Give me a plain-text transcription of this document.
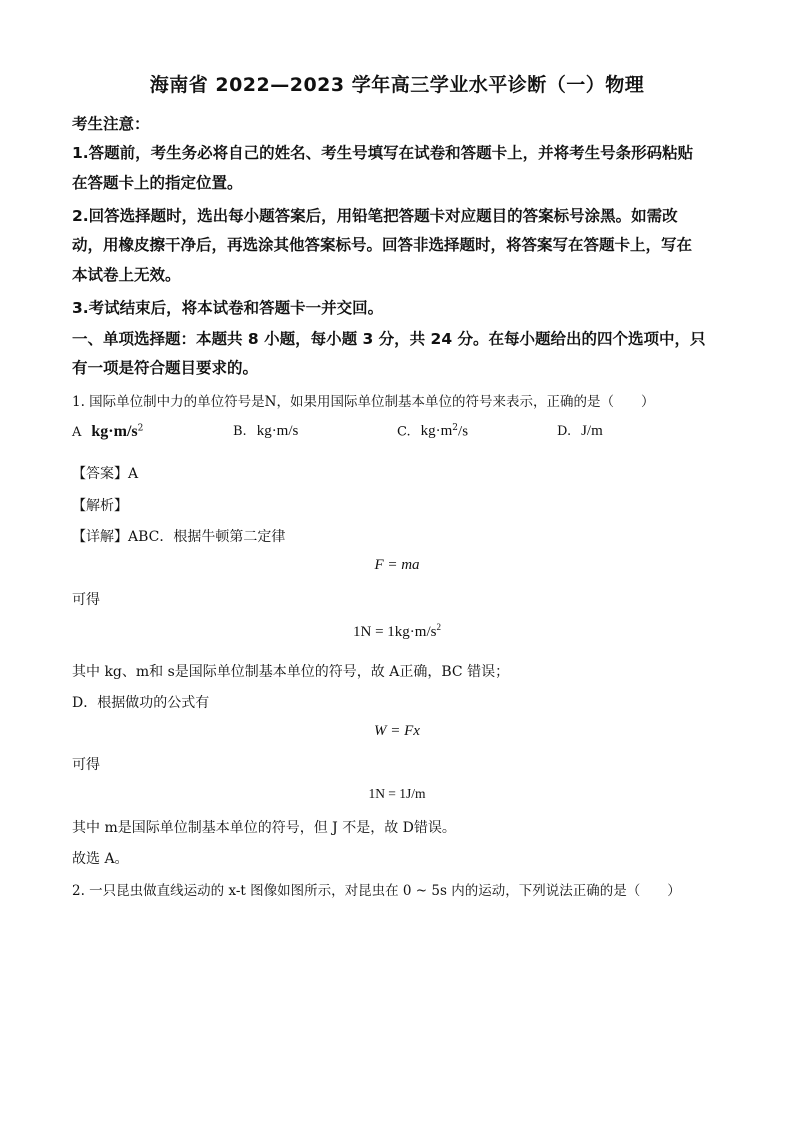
海南省 2022—2023 学年高三学业水平诊断（一）物理
考生注意：
1.答题前，考生务必将自己的姓名、考生号填写在试卷和答题卡上，并将考生号条形码粘贴
在答题卡上的指定位置。
2.回答选择题时，选出每小题答案后，用铅笔把答题卡对应题目的答案标号涂黑。如需改
动，用橡皮擦干净后，再选涂其他答案标号。回答非选择题时，将答案写在答题卡上，写在
本试卷上无效。
3.考试结束后，将本试卷和答题卡一并交回。
一、单项选择题：本题共 8 小题，每小题 3 分，共 24 分。在每小题给出的四个选项中，只
有一项是符合题目要求的。
1. 国际单位制中力的单位符号是N，如果用国际单位制基本单位的符号来表示，正确的是（　　）
A $kg\cdot m/s^2$	B. kg·m/s	C. $kg\cdot m^2/s$	D. J/m
【答案】A
【解析】
【详解】ABC．根据牛顿第二定律
F = ma
可得
$1N = 1kg\cdot m/s^2$
其中 kg、m和 s是国际单位制基本单位的符号，故 A正确，BC 错误；
D．根据做功的公式有
W = Fx
可得
1N = 1J/m
其中 m是国际单位制基本单位的符号，但 J 不是，故 D错误。
故选 A。
2. 一只昆虫做直线运动的 x-t 图像如图所示，对昆虫在 0 ~ 5s 内的运动，下列说法正确的是（　　）
